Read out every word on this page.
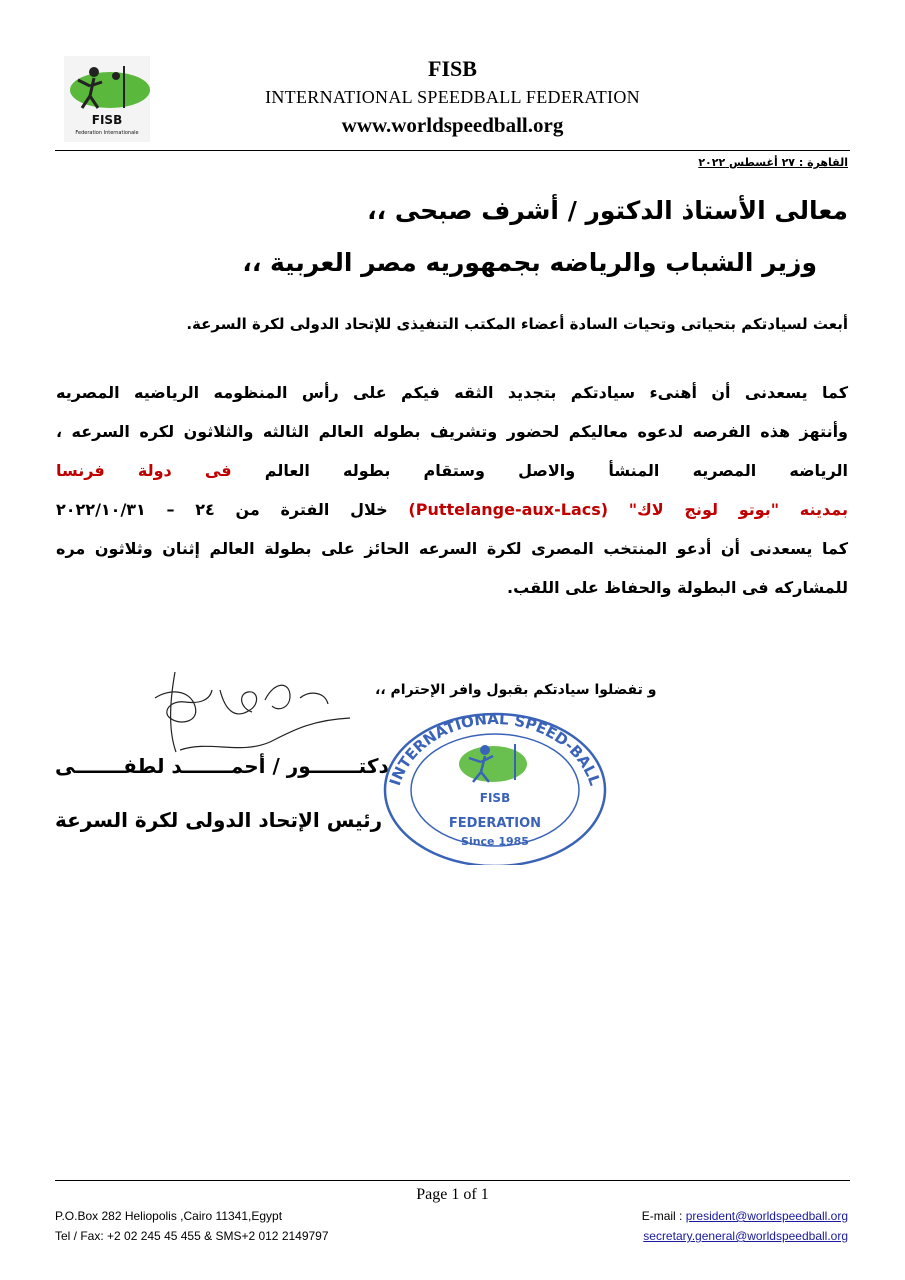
FISB
Federation Internationale
FISB
INTERNATIONAL SPEEDBALL FEDERATION
www.worldspeedball.org
القاهرة : ٢٧ أغسطس ٢٠٢٢
معالى الأستاذ الدكتور / أشرف صبحى ،،
وزير الشباب والرياضه بجمهوريه مصر العربية ،،
أبعث لسيادتكم بتحياتى وتحيات السادة أعضاء المكتب التنفيذى للإتحاد الدولى لكرة السرعة.
كما يسعدنى أن أهنىء سيادتكم بتجديد الثقه فيكم على رأس المنظومه الرياضيه المصريه
وأنتهز هذه الفرصه لدعوه معاليكم لحضور وتشريف بطوله العالم الثالثه والثلاثون لكره السرعه ،
الرياضه المصريه المنشأ والاصل وستقام بطوله العالم فى دولة فرنسا
بمدينه "بوتو لونج لاك" (Puttelange-aux-Lacs) خلال الفترة من ٢٤ – ٢٠٢٢/١٠/٣١
كما يسعدنى أن أدعو المنتخب المصرى لكرة السرعه الحائز على بطولة العالم إثنان وثلاثون مره
للمشاركه فى البطولة والحفاظ على اللقب.
و تفضلوا سيادتكم بقبول وافر الإحترام ،،
دكتـــــــور / أحمـــــــد لطفـــــــى
رئيس الإتحاد الدولى لكرة السرعة
INTERNATIONAL SPEED-BALL
FISB
FEDERATION
Since 1985
Page 1 of 1
P.O.Box 282 Heliopolis ,Cairo 11341,Egypt
Tel / Fax: +2 02 245 45 455 & SMS+2 012 2149797
E-mail : president@worldspeedball.org
secretary.general@worldspeedball.org
